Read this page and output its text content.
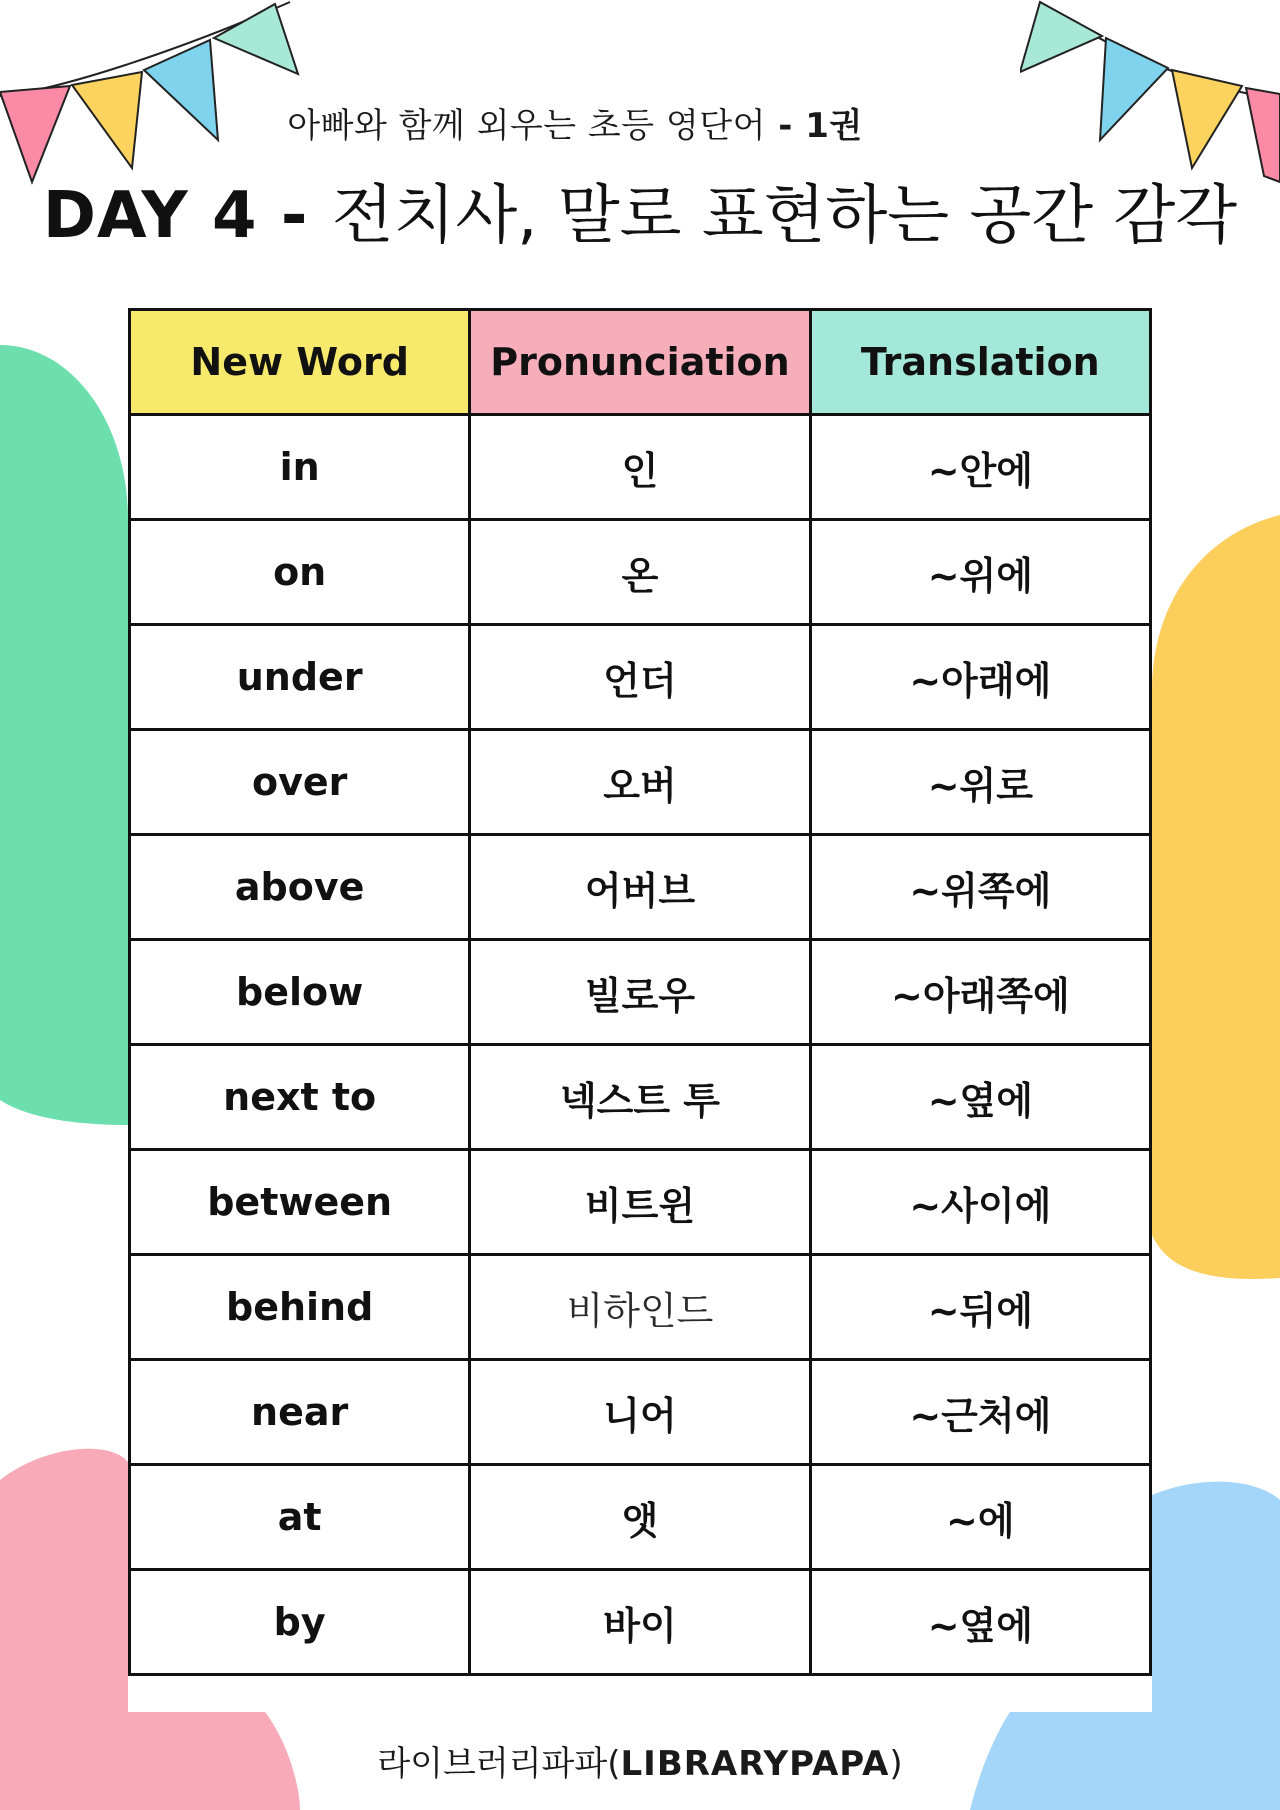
아빠와 함께 외우는 초등 영단어 - 1권
DAY 4 - 전치사, 말로 표현하는 공간 감각
New Word	Pronunciation	Translation
in	인	~안에
on	온	~위에
under	언더	~아래에
over	오버	~위로
above	어버브	~위쪽에
below	빌로우	~아래쪽에
next to	넥스트 투	~옆에
between	비트윈	~사이에
behind	비하인드	~뒤에
near	니어	~근처에
at	앳	~에
by	바이	~옆에
라이브러리파파(LIBRARYPAPA)
